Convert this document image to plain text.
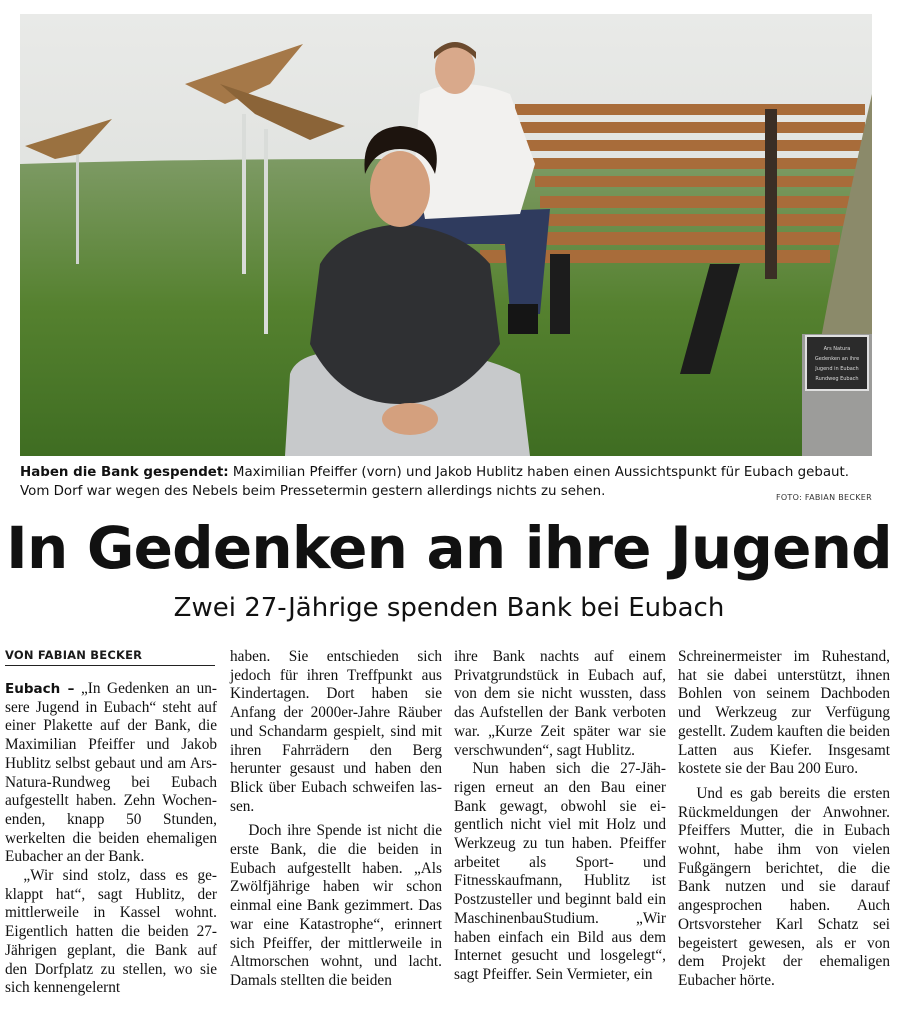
Ars Natura
Gedenken an ihre
Jugend in Eubach
Rundweg Eubach
Haben die Bank gespendet: Maximilian Pfeiffer (vorn) und Jakob Hublitz haben einen Aussichtspunkt für Eubach gebaut. Vom Dorf war wegen des Nebels beim Pressetermin gestern allerdings nichts zu sehen.	FOTO: FABIAN BECKER
In Gedenken an ihre Jugend
Zwei 27-Jährige spenden Bank bei Eubach
VON FABIAN BECKER

Eubach – „In Gedenken an unsere Jugend in Eubach“ steht auf einer Plakette auf der Bank, die Maximilian Pfeiffer und Jakob Hublitz selbst gebaut und am Ars-Natura-Rundweg bei Eubach aufgestellt haben. Zehn Wochenenden, knapp 50 Stunden, werkelten die beiden ehemaligen Eubacher an der Bank.

„Wir sind stolz, dass es geklappt hat“, sagt Hublitz, der mittlerweile in Kassel wohnt. Eigentlich hatten die beiden 27-Jährigen geplant, die Bank auf den Dorfplatz zu stellen, wo sie sich kennengelernt

haben. Sie entschieden sich jedoch für ihren Treffpunkt aus Kindertagen. Dort haben sie Anfang der 2000er-Jahre Räuber und Schandarm gespielt, sind mit ihren Fahrrädern den Berg herunter gesaust und haben den Blick über Eubach schweifen lassen.

Doch ihre Spende ist nicht die erste Bank, die die beiden in Eubach aufgestellt haben. „Als Zwölfjährige haben wir schon einmal eine Bank gezimmert. Das war eine Katastrophe“, erinnert sich Pfeiffer, der mittlerweile in Altmorschen wohnt, und lacht. Damals stellten die beiden

ihre Bank nachts auf einem Privatgrundstück in Eubach auf, von dem sie nicht wussten, dass das Aufstellen der Bank verboten war. „Kurze Zeit später war sie verschwunden“, sagt Hublitz.

Nun haben sich die 27-Jährigen erneut an den Bau einer Bank gewagt, obwohl sie eigentlich nicht viel mit Holz und Werkzeug zu tun haben. Pfeiffer arbeitet als Sport- und Fitnesskaufmann, Hublitz ist Postzusteller und beginnt bald ein MaschinenbauStudium. „Wir haben einfach ein Bild aus dem Internet gesucht und losgelegt“, sagt Pfeiffer. Sein Vermieter, ein

Schreinermeister im Ruhestand, hat sie dabei unterstützt, ihnen Bohlen von seinem Dachboden und Werkzeug zur Verfügung gestellt. Zudem kauften die beiden Latten aus Kiefer. Insgesamt kostete sie der Bau 200 Euro.

Und es gab bereits die ersten Rückmeldungen der Anwohner. Pfeiffers Mutter, die in Eubach wohnt, habe ihm von vielen Fußgängern berichtet, die die Bank nutzen und sie darauf angesprochen haben. Auch Ortsvorsteher Karl Schatz sei begeistert gewesen, als er von dem Projekt der ehemaligen Eubacher hörte.
